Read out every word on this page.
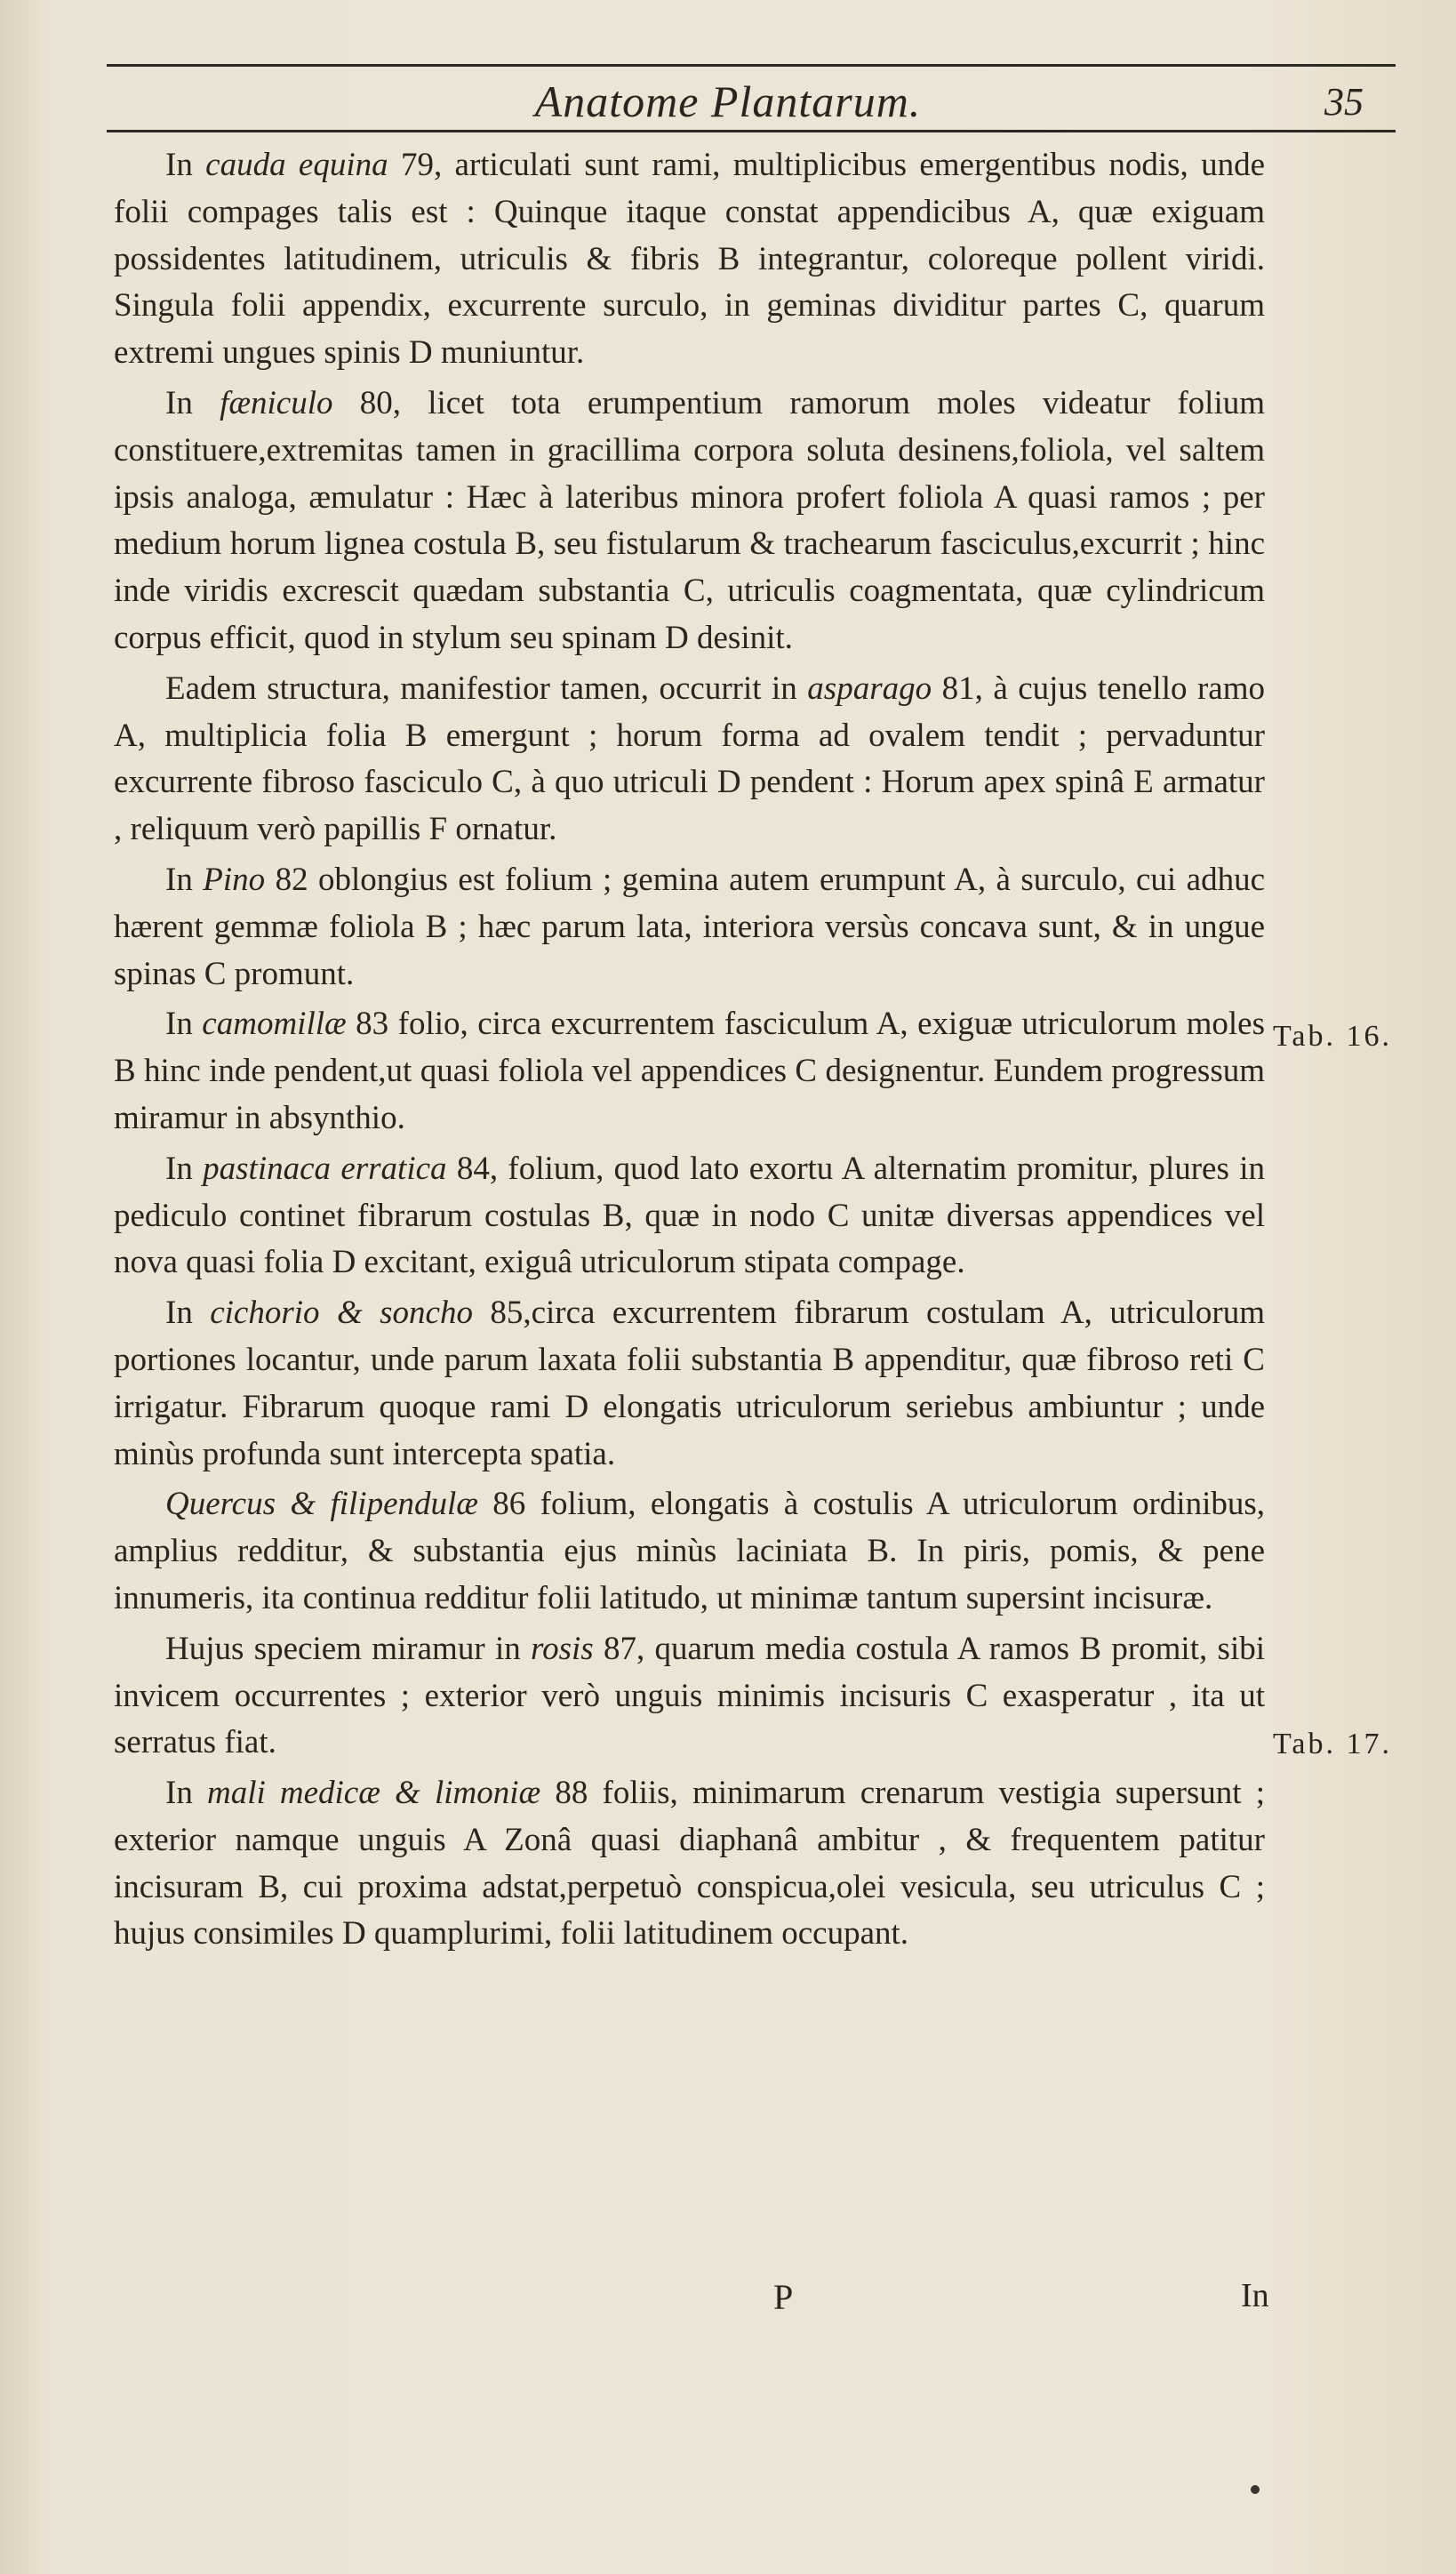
Anatome Plantarum.	35

In cauda equina 79, articulati sunt rami, multiplicibus emergentibus nodis, unde folii compages talis est : Quinque itaque constat appendicibus A, quæ exiguam possidentes latitudinem, utriculis & fibris B integrantur, coloreque pollent viridi. Singula folii appendix, excurrente surculo, in geminas dividitur partes C, quarum extremi ungues spinis D muniuntur.

In fæniculo 80, licet tota erumpentium ramorum moles videatur folium constituere,extremitas tamen in gracillima corpora soluta desinens,foliola, vel saltem ipsis analoga, æmulatur : Hæc à lateribus minora profert foliola A quasi ramos ; per medium horum lignea costula B, seu fistularum & trachearum fasciculus,excurrit ; hinc inde viridis excrescit quædam substantia C, utriculis coagmentata, quæ cylindricum corpus efficit, quod in stylum seu spinam D desinit.

Eadem structura, manifestior tamen, occurrit in asparago 81, à cujus tenello ramo A, multiplicia folia B emergunt ; horum forma ad ovalem tendit ; pervaduntur excurrente fibroso fasciculo C, à quo utriculi D pendent : Horum apex spinâ E armatur , reliquum verò papillis F ornatur.

In Pino 82 oblongius est folium ; gemina autem erumpunt A, à surculo, cui adhuc hærent gemmæ foliola B ; hæc parum lata, interiora versùs concava sunt, & in ungue spinas C promunt.

In camomillæ 83 folio, circa excurrentem fasciculum A, exiguæ utriculorum moles B hinc inde pendent,ut quasi foliola vel appendices C designentur. Eundem progressum miramur in absynthio.

In pastinaca erratica 84, folium, quod lato exortu A alternatim promitur, plures in pediculo continet fibrarum costulas B, quæ in nodo C unitæ diversas appendices vel nova quasi folia D excitant, exiguâ utriculorum stipata compage.

In cichorio & soncho 85,circa excurrentem fibrarum costulam A, utriculorum portiones locantur, unde parum laxata folii substantia B appenditur, quæ fibroso reti C irrigatur. Fibrarum quoque rami D elongatis utriculorum seriebus ambiuntur ; unde minùs profunda sunt intercepta spatia.

Quercus & filipendulæ 86 folium, elongatis à costulis A utriculorum ordinibus, amplius redditur, & substantia ejus minùs laciniata B. In piris, pomis, & pene innumeris, ita continua redditur folii latitudo, ut minimæ tantum supersint incisuræ.

Hujus speciem miramur in rosis 87, quarum media costula A ramos B promit, sibi invicem occurrentes ; exterior verò unguis minimis incisuris C exasperatur , ita ut serratus fiat.

In mali medicæ & limoniæ 88 foliis, minimarum crenarum vestigia supersunt ; exterior namque unguis A Zonâ quasi diaphanâ ambitur , & frequentem patitur incisuram B, cui proxima adstat,perpetuò conspicua,olei vesicula, seu utriculus C ; hujus consimiles D quamplurimi, folii latitudinem occupant.

Tab. 16.
Tab. 17.
P	In
